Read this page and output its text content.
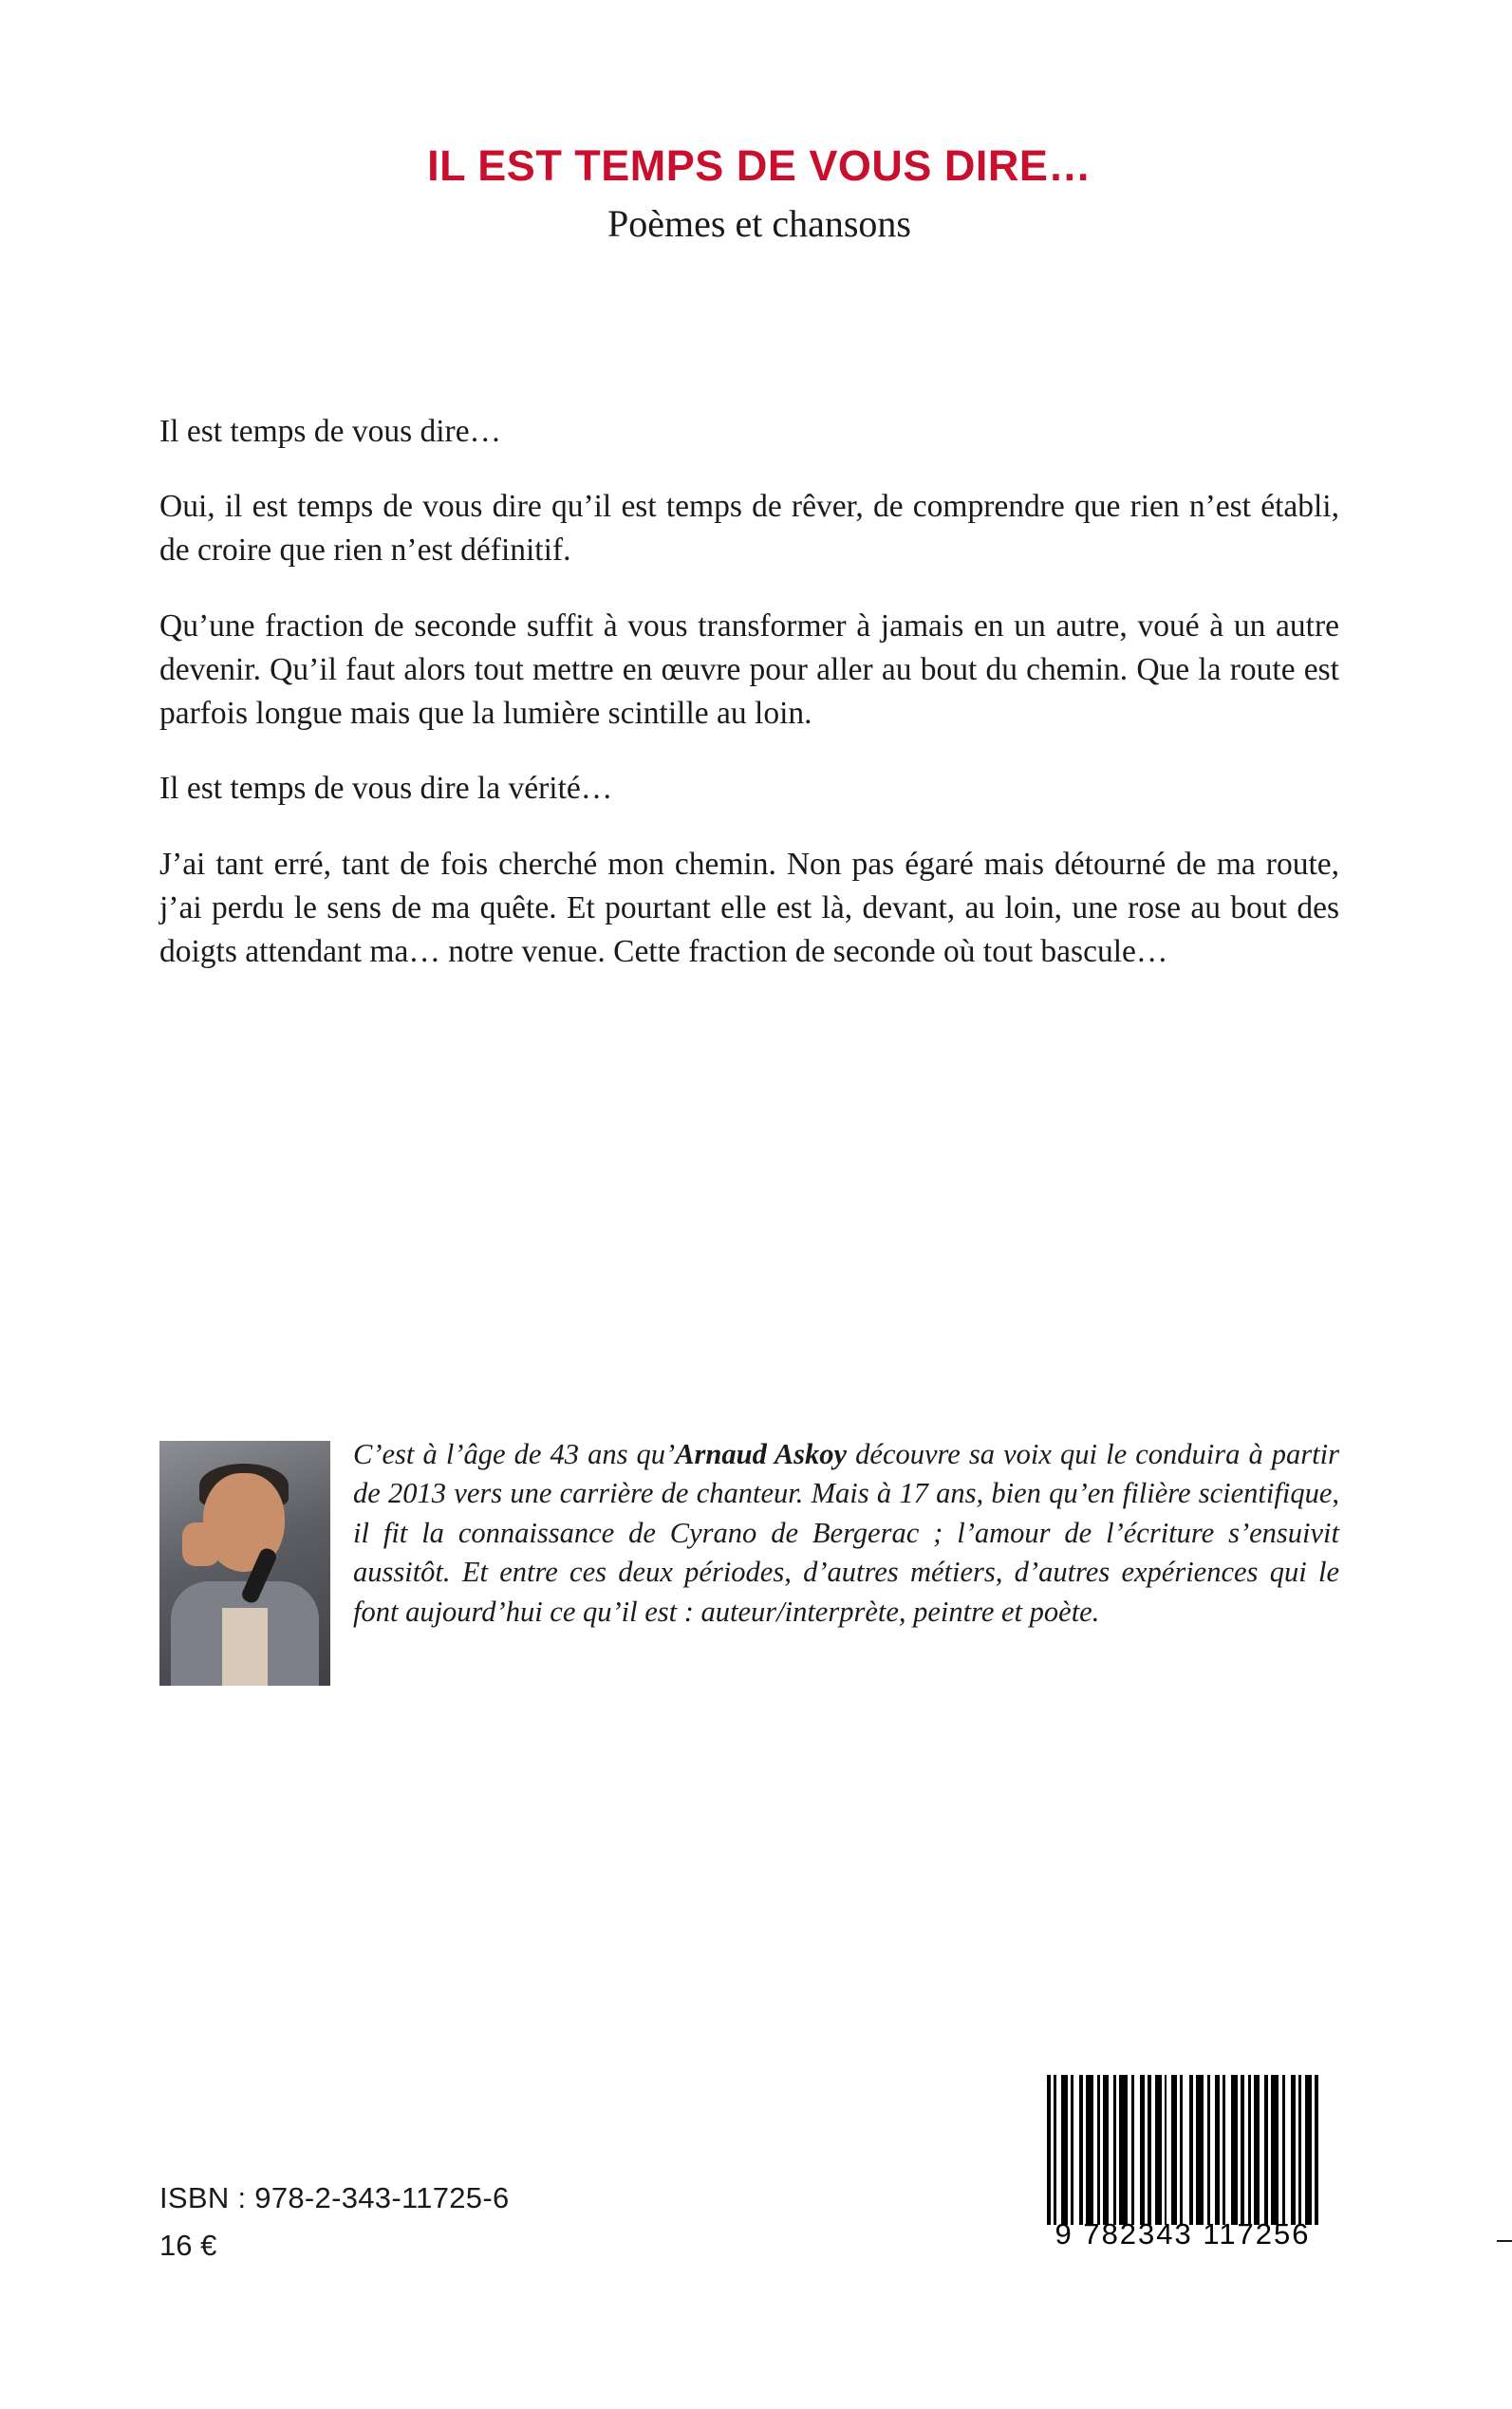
IL EST TEMPS DE VOUS DIRE…
Poèmes et chansons

Il est temps de vous dire…

Oui, il est temps de vous dire qu’il est temps de rêver, de comprendre que rien n’est établi, de croire que rien n’est définitif.

Qu’une fraction de seconde suffit à vous transformer à jamais en un autre, voué à un autre devenir. Qu’il faut alors tout mettre en œuvre pour aller au bout du chemin. Que la route est parfois longue mais que la lumière scintille au loin.

Il est temps de vous dire la vérité…

J’ai tant erré, tant de fois cherché mon chemin. Non pas égaré mais détourné de ma route, j’ai perdu le sens de ma quête. Et pourtant elle est là, devant, au loin, une rose au bout des doigts attendant ma… notre venue. Cette fraction de seconde où tout bascule…

C’est à l’âge de 43 ans qu’Arnaud Askoy découvre sa voix qui le conduira à partir de 2013 vers une carrière de chanteur. Mais à 17 ans, bien qu’en filière scientifique, il fit la connaissance de Cyrano de Bergerac ; l’amour de l’écriture s’ensuivit aussitôt. Et entre ces deux périodes, d’autres métiers, d’autres expériences qui le font aujourd’hui ce qu’il est : auteur/interprète, peintre et poète.
ISBN : 978-2-343-11725-6
16 €	9 782343 117256
